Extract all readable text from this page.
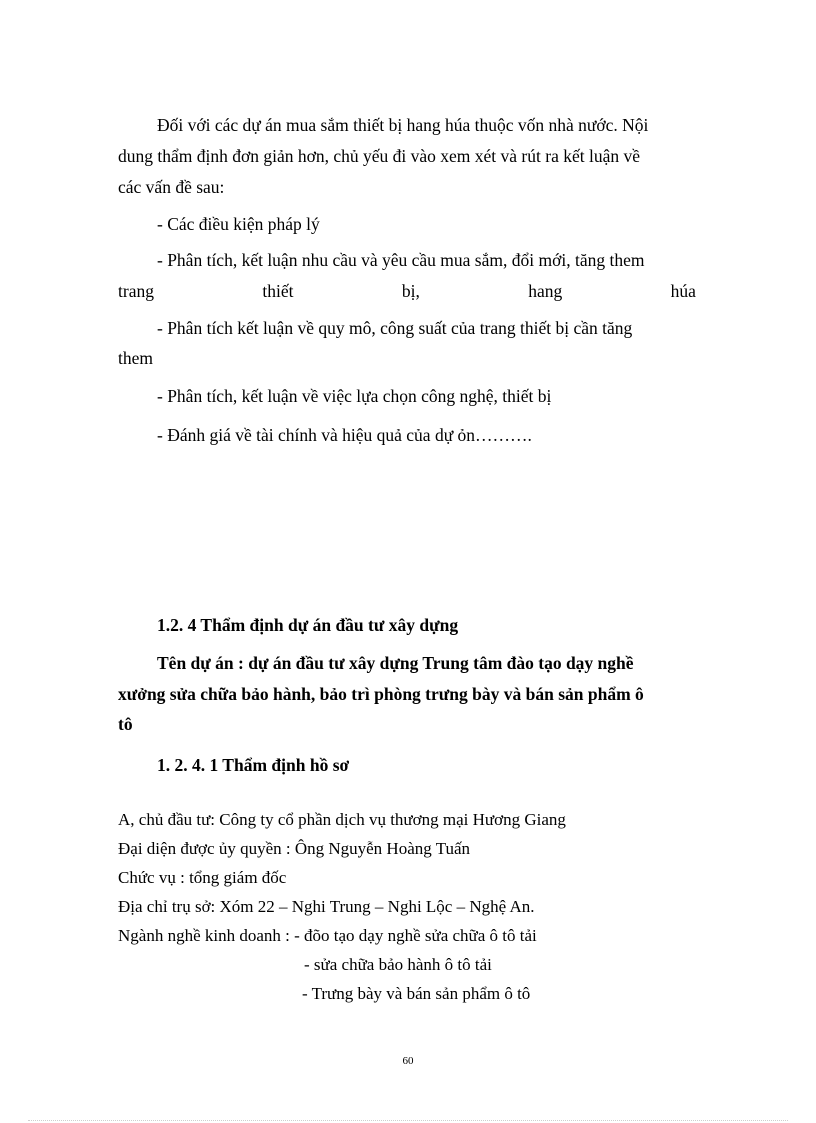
Đối với các dự án mua sắm thiết bị hang húa thuộc vốn nhà nước. Nội
dung thẩm định đơn giản hơn, chủ yếu đi vào xem xét và rút ra kết luận về
các vấn đề sau:
- Các điều kiện pháp lý
- Phân tích, kết luận nhu cầu và yêu cầu mua sắm, đổi mới, tăng them
trang	thiết	bị,	hang	húa
- Phân tích kết luận về quy mô, công suất của trang thiết bị cần tăng
them
- Phân tích, kết luận về việc lựa chọn công nghệ, thiết bị
- Đánh giá về tài chính và hiệu quả của dự ỏn……….
1.2. 4 Thẩm định dự án đầu tư xây dựng
Tên dự án : dự án đầu tư xây dựng Trung tâm đào tạo dạy nghề
xưởng sửa chữa bảo hành, bảo trì phòng trưng bày và bán sản phẩm ô
tô
1. 2. 4. 1 Thẩm định hồ sơ
A, chủ đầu tư: Công ty cổ phần dịch vụ thương mại Hương Giang
Đại diện được ủy quyền : Ông Nguyễn Hoàng Tuấn
Chức vụ : tổng giám đốc
Địa chỉ trụ sở: Xóm 22 – Nghi Trung – Nghi Lộc – Nghệ An.
Ngành nghề kinh doanh : - đõo tạo dạy nghề sửa chữa ô tô tải
- sửa chữa bảo hành ô tô tải
- Trưng bày và bán sản phẩm ô tô
60
